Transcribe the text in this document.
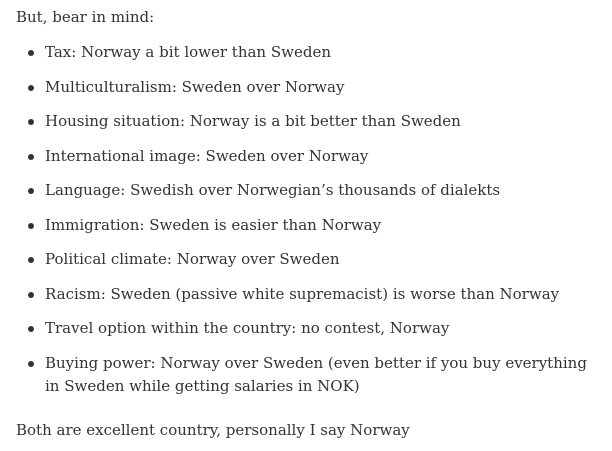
But, bear in mind:

Tax: Norway a bit lower than Sweden
Multiculturalism: Sweden over Norway
Housing situation: Norway is a bit better than Sweden
International image: Sweden over Norway
Language: Swedish over Norwegian’s thousands of dialekts
Immigration: Sweden is easier than Norway
Political climate: Norway over Sweden
Racism: Sweden (passive white supremacist) is worse than Norway
Travel option within the country: no contest, Norway
Buying power: Norway over Sweden (even better if you buy everything in Sweden while getting salaries in NOK)

Both are excellent country, personally I say Norway
